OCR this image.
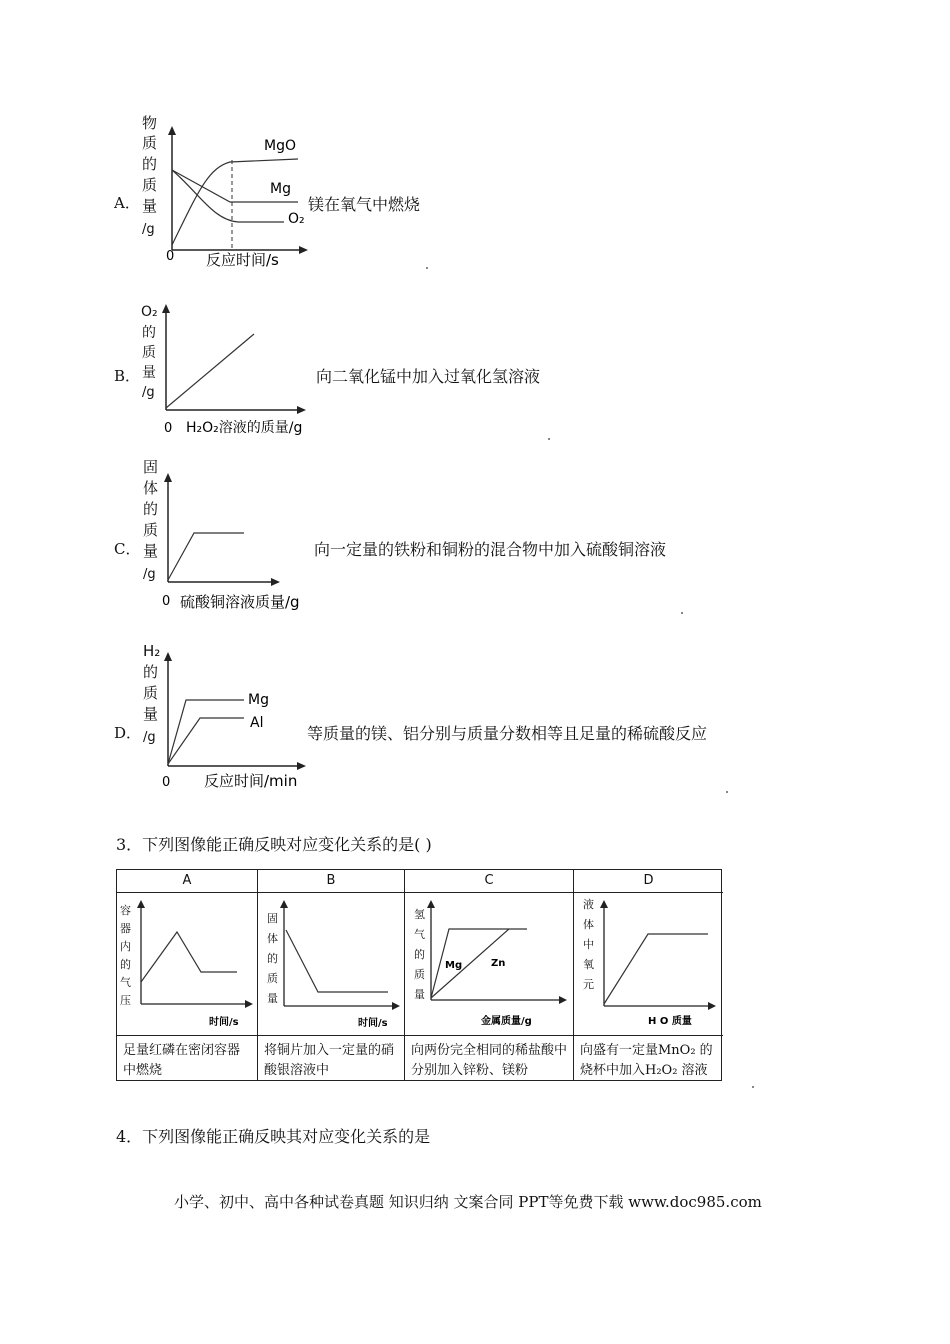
A．
物
质
的
质
量
/g
MgO
Mg
O₂
0 反应时间/s
镁在氧气中燃烧
B．
O₂
的
质
量
/g
0 H₂O₂溶液的质量/g
向二氧化锰中加入过氧化氢溶液
C．
固
体
的
质
量
/g
0 硫酸铜溶液质量/g
向一定量的铁粉和铜粉的混合物中加入硫酸铜溶液
D．
H₂
的
质
量
/g
Mg
Al
0 反应时间/min
等质量的镁、铝分别与质量分数相等且足量的稀硫酸反应
3．下列图像能正确反映对应变化关系的是( )
A
容
器
内
的
气
压
时间/s
足量红磷在密闭容器中燃烧
B
固
体
的
质
量
时间/s
将铜片加入一定量的硝酸银溶液中
C
氢
气
的
质
量
Mg	Zn
金属质量/g
向两份完全相同的稀盐酸中分别加入锌粉、镁粉
D
液
体
中
氧
元
H O 质量
向盛有一定量MnO₂ 的烧杯中加入H₂O₂ 溶液
4．下列图像能正确反映其对应变化关系的是
小学、初中、高中各种试卷真题 知识归纳 文案合同 PPT等免费下载 www.doc985.com
